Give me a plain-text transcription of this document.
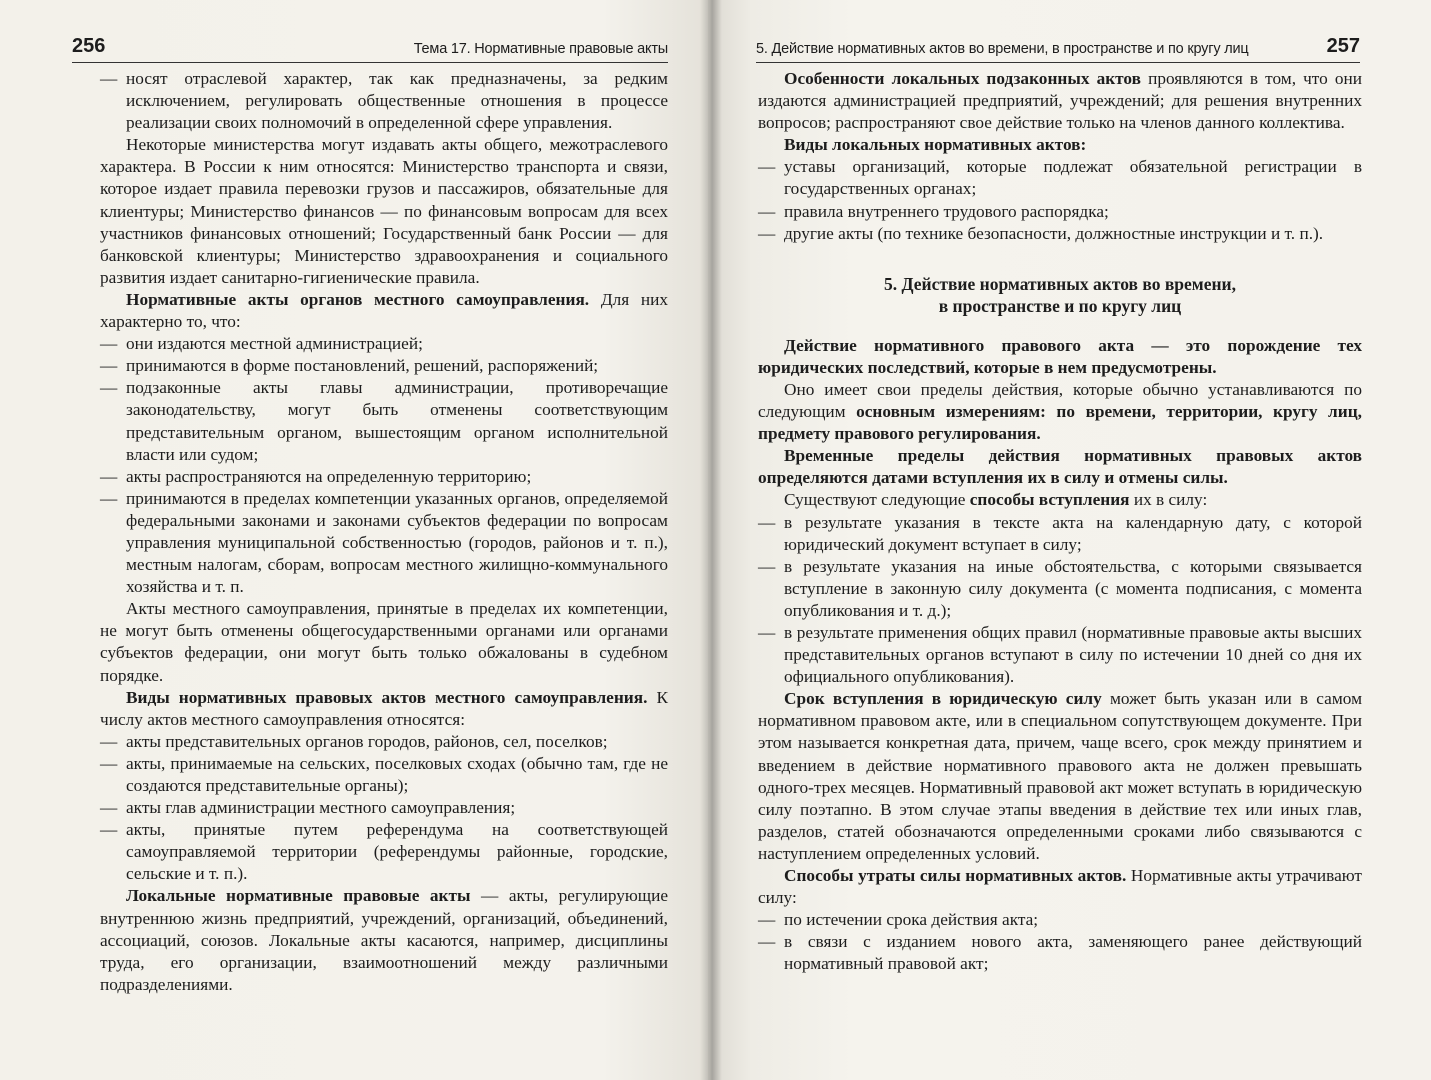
256	Тема 17. Нормативные правовые акты
— носят отраслевой характер, так как предназначены, за редким исключением, регулировать общественные отношения в процессе реализации своих полномочий в определенной сфере управления.

Некоторые министерства могут издавать акты общего, межотраслевого характера. В России к ним относятся: Министерство транспорта и связи, которое издает правила перевозки грузов и пассажиров, обязательные для клиентуры; Министерство финансов — по финансовым вопросам для всех участников финансовых отношений; Государственный банк России — для банковской клиентуры; Министерство здравоохранения и социального развития издает санитарно-гигиенические правила.

Нормативные акты органов местного самоуправления. Для них характерно то, что:

— они издаются местной администрацией;
— принимаются в форме постановлений, решений, распоряжений;
— подзаконные акты главы администрации, противоречащие законодательству, могут быть отменены соответствующим представительным органом, вышестоящим органом исполнительной власти или судом;
— акты распространяются на определенную территорию;
— принимаются в пределах компетенции указанных органов, определяемой федеральными законами и законами субъектов федерации по вопросам управления муниципальной собственностью (городов, районов и т. п.), местным налогам, сборам, вопросам местного жилищно-коммунального хозяйства и т. п.

Акты местного самоуправления, принятые в пределах их компетенции, не могут быть отменены общегосударственными органами или органами субъектов федерации, они могут быть только обжалованы в судебном порядке.

Виды нормативных правовых актов местного самоуправления. К числу актов местного самоуправления относятся:

— акты представительных органов городов, районов, сел, поселков;
— акты, принимаемые на сельских, поселковых сходах (обычно там, где не создаются представительные органы);
— акты глав администрации местного самоуправления;
— акты, принятые путем референдума на соответствующей самоуправляемой территории (референдумы районные, городские, сельские и т. п.).

Локальные нормативные правовые акты — акты, регулирующие внутреннюю жизнь предприятий, учреждений, организаций, объединений, ассоциаций, союзов. Локальные акты касаются, например, дисциплины труда, его организации, взаимоотношений между различными подразделениями.

5. Действие нормативных актов во времени, в пространстве и по кругу лиц	257

Особенности локальных подзаконных актов проявляются в том, что они издаются администрацией предприятий, учреждений; для решения внутренних вопросов; распространяют свое действие только на членов данного коллектива.

Виды локальных нормативных актов:

— уставы организаций, которые подлежат обязательной регистрации в государственных органах;
— правила внутреннего трудового распорядка;
— другие акты (по технике безопасности, должностные инструкции и т. п.).
5. Действие нормативных актов во времени,
в пространстве и по кругу лиц

Действие нормативного правового акта — это порождение тех юридических последствий, которые в нем предусмотрены.

Оно имеет свои пределы действия, которые обычно устанавливаются по следующим основным измерениям: по времени, территории, кругу лиц, предмету правового регулирования.

Временные пределы действия нормативных правовых актов определяются датами вступления их в силу и отмены силы.

Существуют следующие способы вступления их в силу:

— в результате указания в тексте акта на календарную дату, с которой юридический документ вступает в силу;
— в результате указания на иные обстоятельства, с которыми связывается вступление в законную силу документа (с момента подписания, с момента опубликования и т. д.);
— в результате применения общих правил (нормативные правовые акты высших представительных органов вступают в силу по истечении 10 дней со дня их официального опубликования).

Срок вступления в юридическую силу может быть указан или в самом нормативном правовом акте, или в специальном сопутствующем документе. При этом называется конкретная дата, причем, чаще всего, срок между принятием и введением в действие нормативного правового акта не должен превышать одного-трех месяцев. Нормативный правовой акт может вступать в юридическую силу поэтапно. В этом случае этапы введения в действие тех или иных глав, разделов, статей обозначаются определенными сроками либо связываются с наступлением определенных условий.

Способы утраты силы нормативных актов. Нормативные акты утрачивают силу:

— по истечении срока действия акта;
— в связи с изданием нового акта, заменяющего ранее действующий нормативный правовой акт;
